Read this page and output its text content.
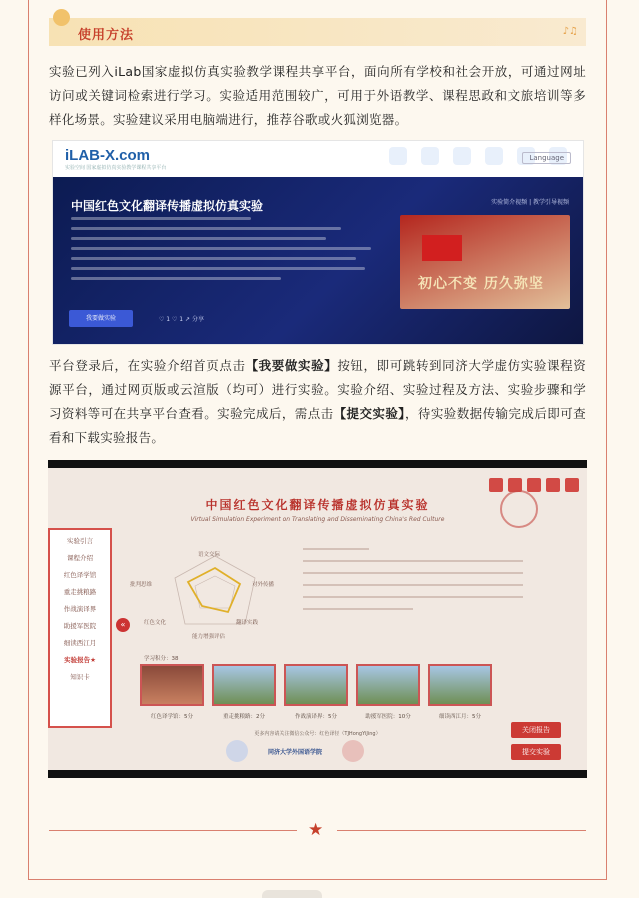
使用方法	♪♫

实验已列入iLab国家虚拟仿真实验教学课程共享平台，面向所有学校和社会开放，可通过网址访问或关键词检索进行学习。实验适用范围较广，可用于外语教学、课程思政和文旅培训等多样化场景。实验建议采用电脑端进行，推荐谷歌或火狐浏览器。

iLAB-X.com
实验空间 国家虚拟仿真实验教学课程共享平台
Language
中国红色文化翻译传播虚拟仿真实验	实验简介视频 | 教学引导视频
初心不变 历久弥坚
我要做实验	♡ 1 ♡ 1 ↗ 分享

平台登录后，在实验介绍首页点击【我要做实验】按钮，即可跳转到同济大学虚仿实验课程资源平台，通过网页版或云渲版（均可）进行实验。实验介绍、实验过程及方法、实验步骤和学习资料等可在共享平台查看。实验完成后，需点击【提交实验】，待实验数据传输完成后即可查看和下载实验报告。

中国红色文化翻译传播虚拟仿真实验
Virtual Simulation Experiment on Translating and Disseminating China's Red Culture
实验引言
课程介绍
红色译学馆
重走挑粮路
作战演译界
助援军医院
细读西江月
实验报告★
知识卡
«
语文交际
对外传播
翻译实践
能力增强评估
红色文化
批判思维
学习积分：38
红色译学馆：5分	重走挑粮路：2分	作战演译界：5分	助援军医院：10分	细读西江月：5分
更多内容请关注微信公众号：红色译径（TJHongYiJing）
同济大学外国语学院
关闭报告
提交实验
★
